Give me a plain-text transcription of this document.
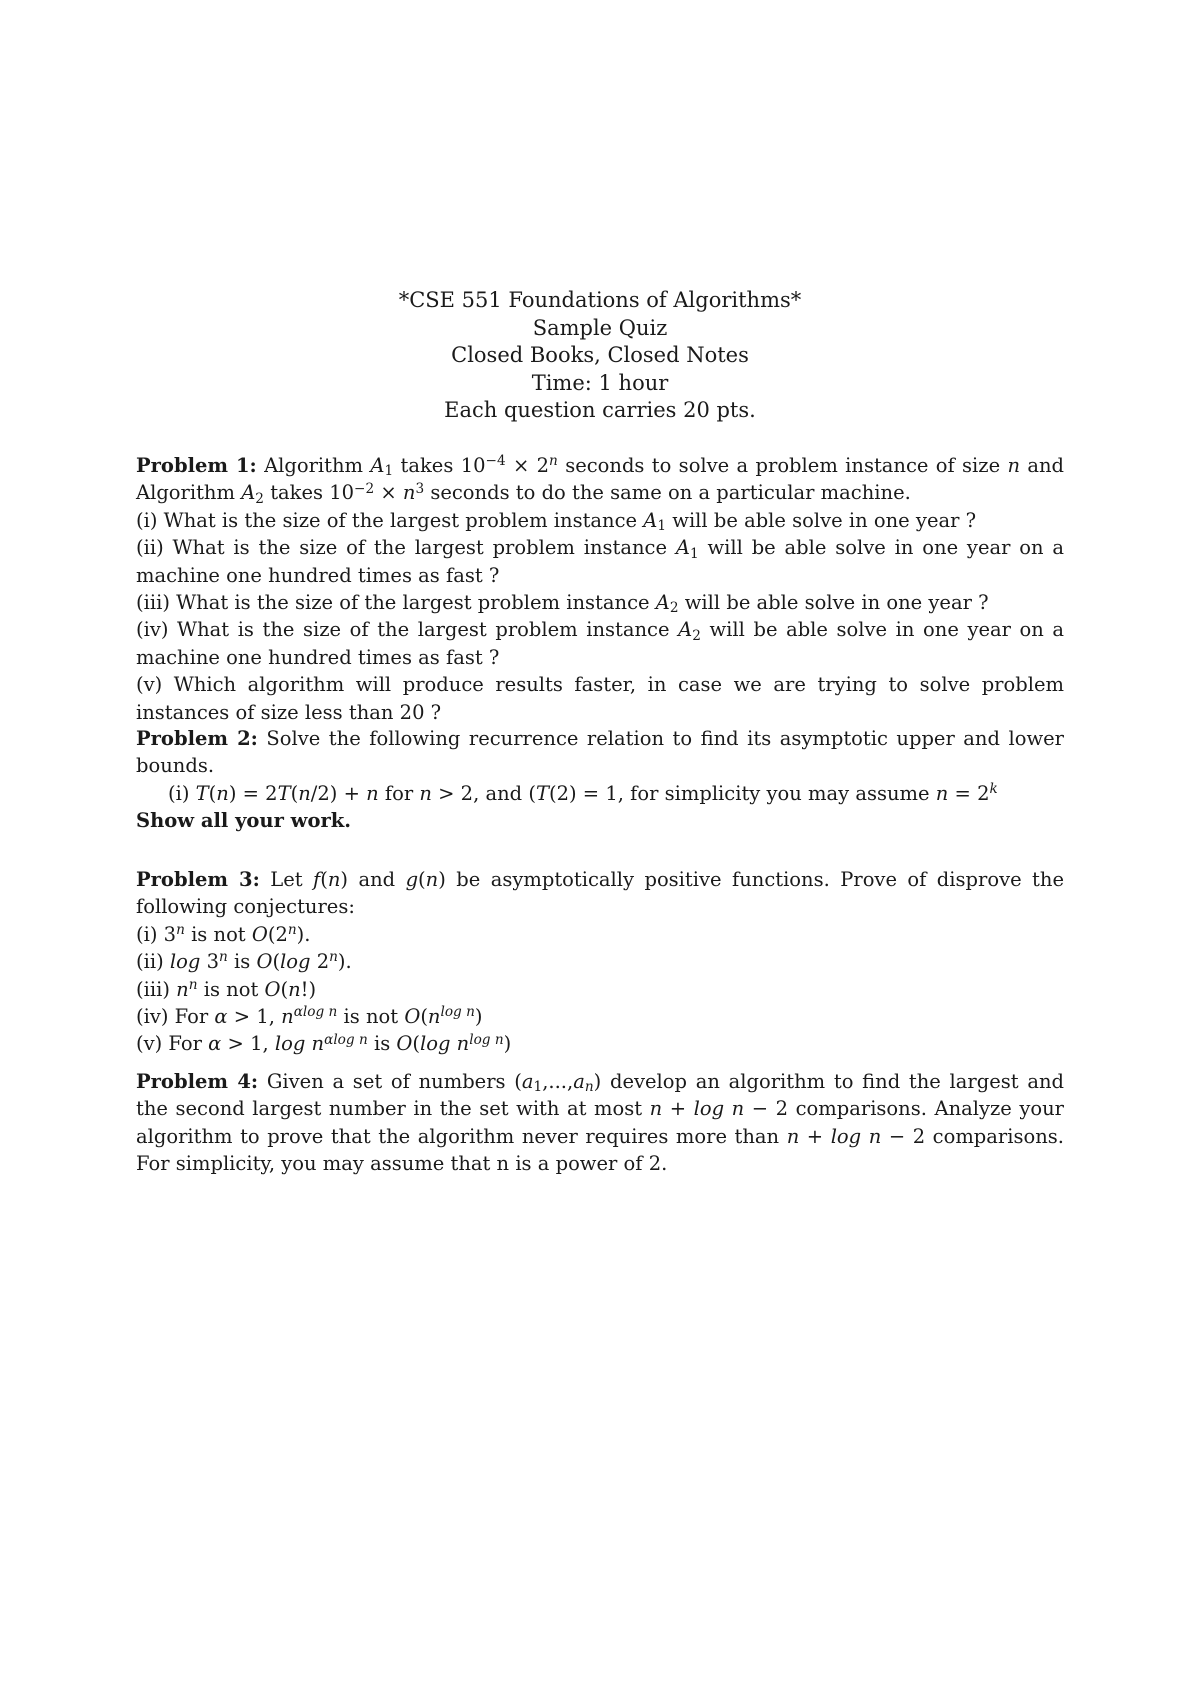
*CSE 551 Foundations of Algorithms*
Sample Quiz
Closed Books, Closed Notes
Time: 1 hour
Each question carries 20 pts.

Problem 1: Algorithm $A_1$ takes $10^{-4} \times 2^n$ seconds to solve a problem instance of size n and Algorithm $A_2$ takes $10^{-2} \times n^3$ seconds to do the same on a particular machine.

(i) What is the size of the largest problem instance $A_1$ will be able solve in one year ?

(ii) What is the size of the largest problem instance $A_1$ will be able solve in one year on a machine one hundred times as fast ?

(iii) What is the size of the largest problem instance $A_2$ will be able solve in one year ?

(iv) What is the size of the largest problem instance $A_2$ will be able solve in one year on a machine one hundred times as fast ?

(v) Which algorithm will produce results faster, in case we are trying to solve problem instances of size less than 20 ?

Problem 2: Solve the following recurrence relation to find its asymptotic upper and lower bounds.

(i) T(n) = 2T(n/2) + n for n > 2, and (T(2) = 1, for simplicity you may assume $n = 2^k$

Show all your work.

Problem 3: Let f(n) and g(n) be asymptotically positive functions. Prove of disprove the following conjectures:

(i) 3$^n$ is not O(2$^n$).

(ii) log 3$^n$ is O(log 2$^n$).

(iii) $n^n$ is not O(n!)

(iv) For α > 1, $n^{\alpha log n}$ is not $O(n^{log n})$

(v) For α > 1, $\log n^{\alpha log n}$ is O(log $n^{log n}$)

Problem 4: Given a set of numbers $(a_1,...,a_n)$ develop an algorithm to find the largest and the second largest number in the set with at most n + log n − 2 comparisons. Analyze your algorithm to prove that the algorithm never requires more than n + log n − 2 comparisons. For simplicity, you may assume that n is a power of 2.
